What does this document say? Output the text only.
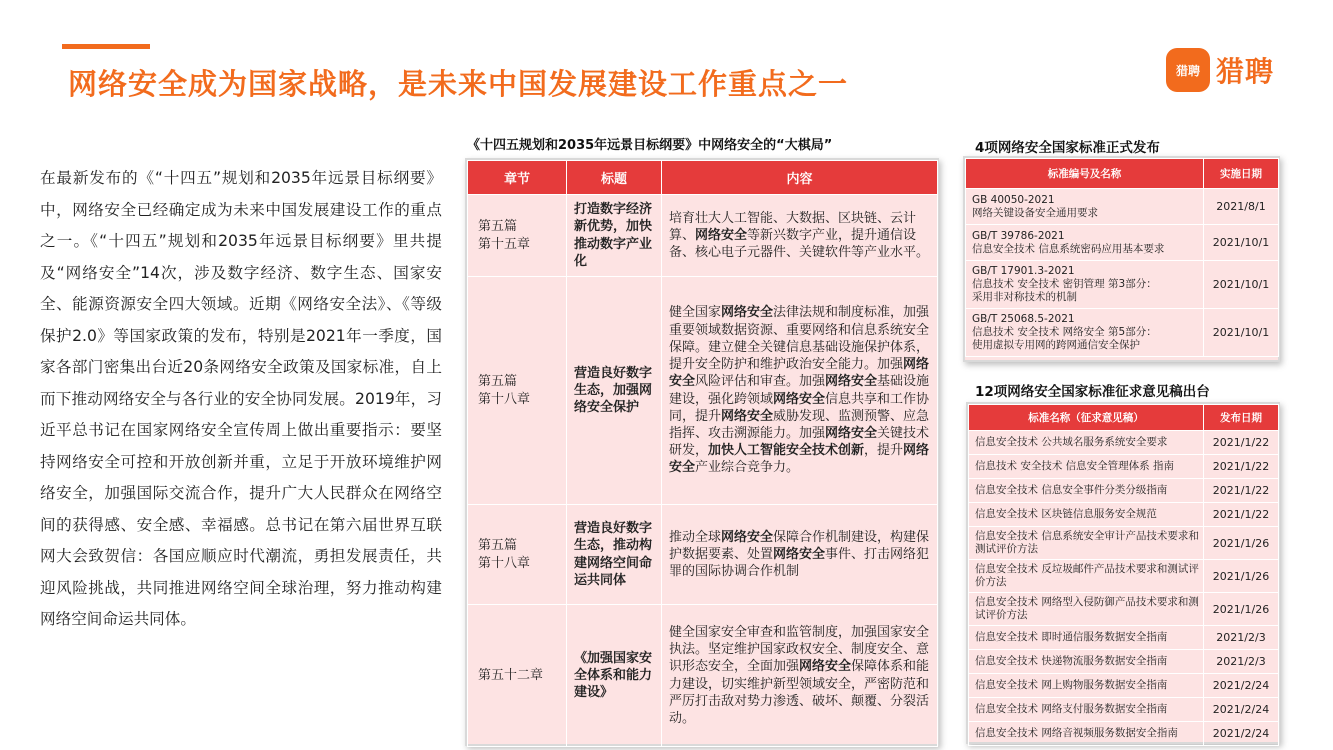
网络安全成为国家战略，是未来中国发展建设工作重点之一	猎聘 猎聘
在最新发布的《“十四五”规划和2035年远景目标纲要》中，网络安全已经确定成为未来中国发展建设工作的重点之一。《“十四五”规划和2035年远景目标纲要》里共提及“网络安全”14次，涉及数字经济、数字生态、国家安全、能源资源安全四大领域。近期《网络安全法》、《等级保护2.0》等国家政策的发布，特别是2021年一季度，国家各部门密集出台近20条网络安全政策及国家标准，自上而下推动网络安全与各行业的安全协同发展。2019年，习近平总书记在国家网络安全宣传周上做出重要指示：要坚持网络安全可控和开放创新并重，立足于开放环境维护网络安全，加强国际交流合作，提升广大人民群众在网络空间的获得感、安全感、幸福感。总书记在第六届世界互联网大会致贺信：各国应顺应时代潮流，勇担发展责任，共迎风险挑战，共同推进网络空间全球治理，努力推动构建网络空间命运共同体。
《十四五规划和2035年远景目标纲要》中网络安全的“大棋局”
章节	标题	内容
第五篇
第十五章	打造数字经济新优势，加快推动数字产业化	培育壮大人工智能、大数据、区块链、云计算、网络安全等新兴数字产业，提升通信设备、核心电子元器件、关键软件等产业水平。
第五篇
第十八章	营造良好数字生态，加强网络安全保护	健全国家网络安全法律法规和制度标准，加强重要领域数据资源、重要网络和信息系统安全保障。建立健全关键信息基础设施保护体系，提升安全防护和维护政治安全能力。加强网络安全风险评估和审查。加强网络安全基础设施建设，强化跨领域网络安全信息共享和工作协同，提升网络安全威胁发现、监测预警、应急指挥、攻击溯源能力。加强网络安全关键技术研发，加快人工智能安全技术创新，提升网络安全产业综合竞争力。
第五篇
第十八章	营造良好数字生态，推动构建网络空间命运共同体	推动全球网络安全保障合作机制建设，构建保护数据要素、处置网络安全事件、打击网络犯罪的国际协调合作机制
第五十二章	《加强国家安全体系和能力建设》	健全国家安全审查和监管制度，加强国家安全执法。坚定维护国家政权安全、制度安全、意识形态安全，全面加强网络安全保障体系和能力建设，切实维护新型领域安全，严密防范和严厉打击敌对势力渗透、破坏、颠覆、分裂活动。
4项网络安全国家标准正式发布
标准编号及名称	实施日期
GB 40050-2021
网络关键设备安全通用要求	2021/8/1
GB/T 39786-2021
信息安全技术 信息系统密码应用基本要求	2021/10/1
GB/T 17901.3-2021
信息技术 安全技术 密钥管理 第3部分：
采用非对称技术的机制	2021/10/1
GB/T 25068.5-2021
信息技术 安全技术 网络安全 第5部分：
使用虚拟专用网的跨网通信安全保护	2021/10/1
12项网络安全国家标准征求意见稿出台
标准名称（征求意见稿）	发布日期
信息安全技术 公共域名服务系统安全要求	2021/1/22
信息技术 安全技术 信息安全管理体系 指南	2021/1/22
信息安全技术 信息安全事件分类分级指南	2021/1/22
信息安全技术 区块链信息服务安全规范	2021/1/22
信息安全技术 信息系统安全审计产品技术要求和测试评价方法	2021/1/26
信息安全技术 反垃圾邮件产品技术要求和测试评价方法	2021/1/26
信息安全技术 网络型入侵防御产品技术要求和测试评价方法	2021/1/26
信息安全技术 即时通信服务数据安全指南	2021/2/3
信息安全技术 快递物流服务数据安全指南	2021/2/3
信息安全技术 网上购物服务数据安全指南	2021/2/24
信息安全技术 网络支付服务数据安全指南	2021/2/24
信息安全技术 网络音视频服务数据安全指南	2021/2/24
